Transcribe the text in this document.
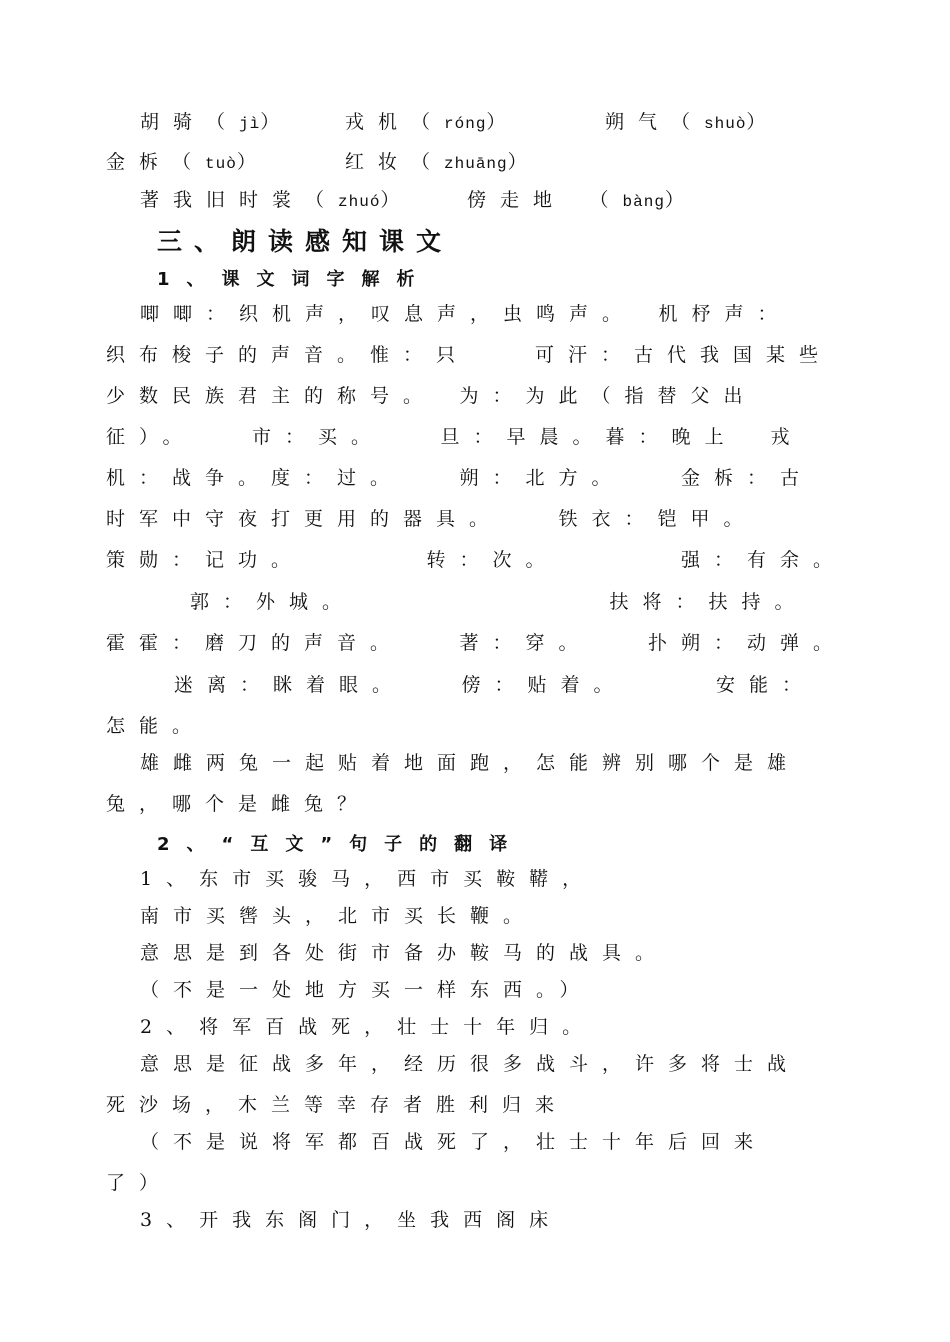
胡骑（jì）	戎机（róng）	朔气（shuò）
金柝（tuò）	红妆（zhuāng）
著我旧时裳（zhuó）	傍走地　（bàng）
三、朗读感知课文
1、课文词字解析
唧唧：织机声，叹息声，虫鸣声。　机杼声：
织布梭子的声音。惟：只　　可汗：古代我国某些
少数民族君主的称号。　为：为此（指替父出
征）。　　市：买。　　旦：早晨。暮：晚上　戎
机：战争。度：过。　　朔：北方。　　金柝：古
时军中守夜打更用的器具。　　铁衣：铠甲。
策勋：记功。　　　　转：次。　　　　强：有余。
郭：外城。　　　　　　　　扶将：扶持。
霍霍：磨刀的声音。　　著：穿。　　扑朔：动弹。
迷离：眯着眼。　　傍：贴着。　　　安能：
怎能。
雄雌两兔一起贴着地面跑，怎能辨别哪个是雄
兔，哪个是雌兔？
2、“互文”句子的翻译
1、东市买骏马，西市买鞍鞯，
南市买辔头，北市买长鞭。
意思是到各处街市备办鞍马的战具。
（不是一处地方买一样东西。）
2、将军百战死，壮士十年归。
意思是征战多年，经历很多战斗，许多将士战
死沙场，木兰等幸存者胜利归来
（不是说将军都百战死了，壮士十年后回来
了）
3、开我东阁门，坐我西阁床
